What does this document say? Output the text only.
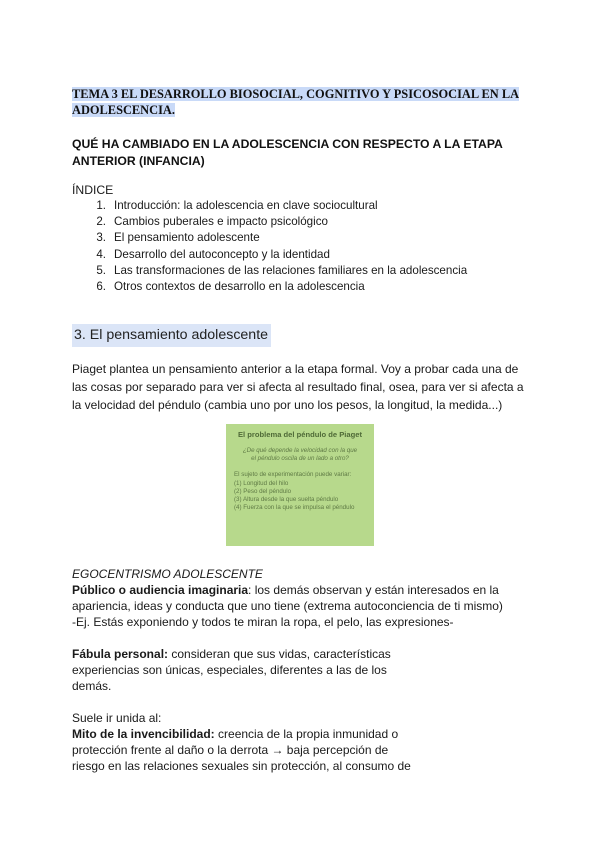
TEMA 3 EL DESARROLLO BIOSOCIAL, COGNITIVO Y PSICOSOCIAL EN LA ADOLESCENCIA.
QUÉ HA CAMBIADO EN LA ADOLESCENCIA CON RESPECTO A LA ETAPA ANTERIOR (INFANCIA)
ÍNDICE
1. Introducción: la adolescencia en clave sociocultural
2. Cambios puberales e impacto psicológico
3. El pensamiento adolescente
4. Desarrollo del autoconcepto y la identidad
5. Las transformaciones de las relaciones familiares en la adolescencia
6. Otros contextos de desarrollo en la adolescencia
3. El pensamiento adolescente
Piaget plantea un pensamiento anterior a la etapa formal. Voy a probar cada una de las cosas por separado para ver si afecta al resultado final, osea, para ver si afecta a la velocidad del péndulo (cambia uno por uno los pesos, la longitud, la medida...)
El problema del péndulo de Piaget
¿De qué depende la velocidad con la que el péndulo oscila de un lado a otro?
El sujeto de experimentación puede variar:
(1) Longitud del hilo
(2) Peso del péndulo
(3) Altura desde la que suelta péndulo
(4) Fuerza con la que se impulsa el péndulo
EGOCENTRISMO ADOLESCENTE
Público o audiencia imaginaria: los demás observan y están interesados en la
apariencia, ideas y conducta que uno tiene (extrema autoconciencia de ti mismo)
-Ej. Estás exponiendo y todos te miran la ropa, el pelo, las expresiones-
Fábula personal: consideran que sus vidas, características
experiencias son únicas, especiales, diferentes a las de los
demás.
Suele ir unida al:
Mito de la invencibilidad: creencia de la propia inmunidad o
protección frente al daño o la derrota → baja percepción de
riesgo en las relaciones sexuales sin protección, al consumo de
